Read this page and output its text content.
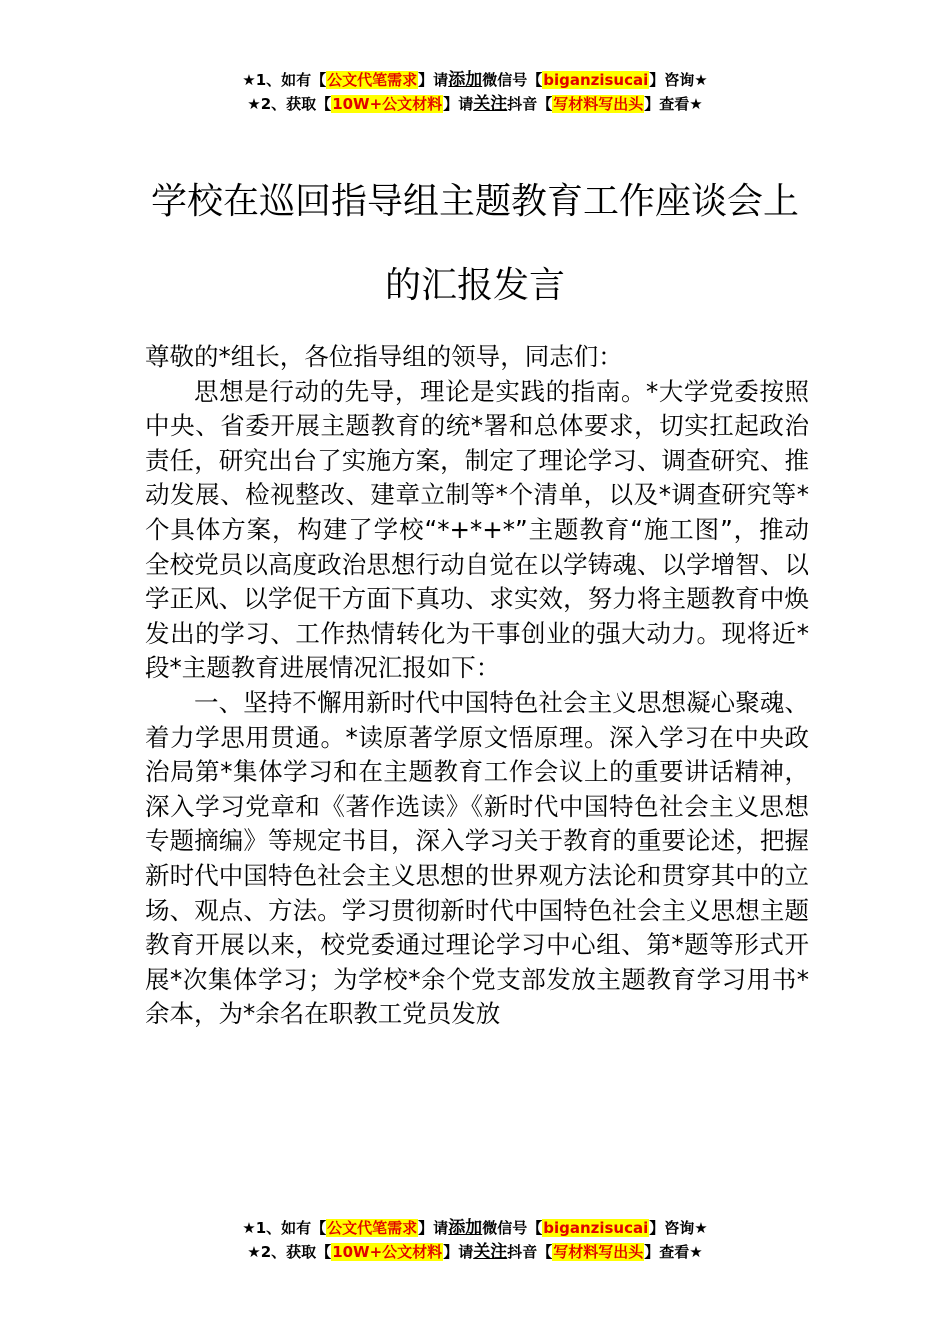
★1、如有【公文代笔需求】请添加微信号【biganzisucai】咨询★
★2、获取【10W+公文材料】请关注抖音【写材料写出头】查看★
学校在巡回指导组主题教育工作座谈会上
的汇报发言

尊敬的*组长，各位指导组的领导，同志们：

思想是行动的先导，理论是实践的指南。*大学党委按照中央、省委开展主题教育的统*署和总体要求，切实扛起政治责任，研究出台了实施方案，制定了理论学习、调查研究、推动发展、检视整改、建章立制等*个清单，以及*调查研究等*个具体方案，构建了学校“*+*+*”主题教育“施工图”，推动全校党员以高度政治思想行动自觉在以学铸魂、以学增智、以学正风、以学促干方面下真功、求实效，努力将主题教育中焕发出的学习、工作热情转化为干事创业的强大动力。现将近*段*主题教育进展情况汇报如下：

一、坚持不懈用新时代中国特色社会主义思想凝心聚魂、着力学思用贯通。*读原著学原文悟原理。深入学习在中央政治局第*集体学习和在主题教育工作会议上的重要讲话精神，深入学习党章和《著作选读》《新时代中国特色社会主义思想专题摘编》等规定书目，深入学习关于教育的重要论述，把握新时代中国特色社会主义思想的世界观方法论和贯穿其中的立场、观点、方法。学习贯彻新时代中国特色社会主义思想主题教育开展以来，校党委通过理论学习中心组、第*题等形式开展*次集体学习；为学校*余个党支部发放主题教育学习用书*余本，为*余名在职教工党员发放

★1、如有【公文代笔需求】请添加微信号【biganzisucai】咨询★
★2、获取【10W+公文材料】请关注抖音【写材料写出头】查看★
